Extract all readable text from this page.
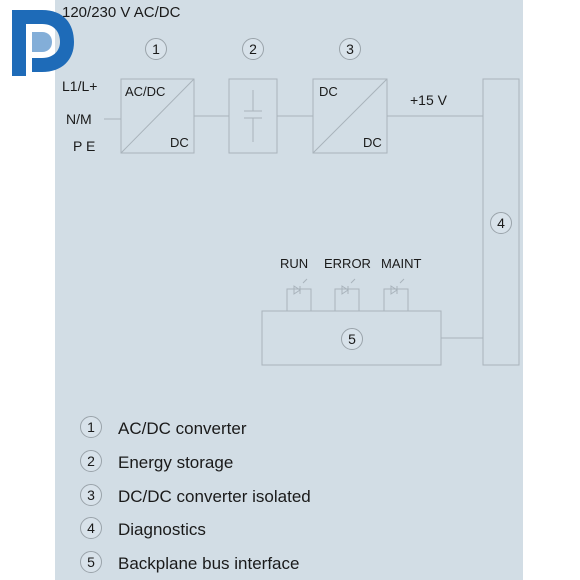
120/230 V AC/DC
L1/L+
N/M
P E
1	2	3
4
5
AC/DC
DC
DC
DC
+15 V
RUN ERROR MAINT
1	AC/DC converter
2	Energy storage
3	DC/DC converter isolated
4	Diagnostics
5	Backplane bus interface
